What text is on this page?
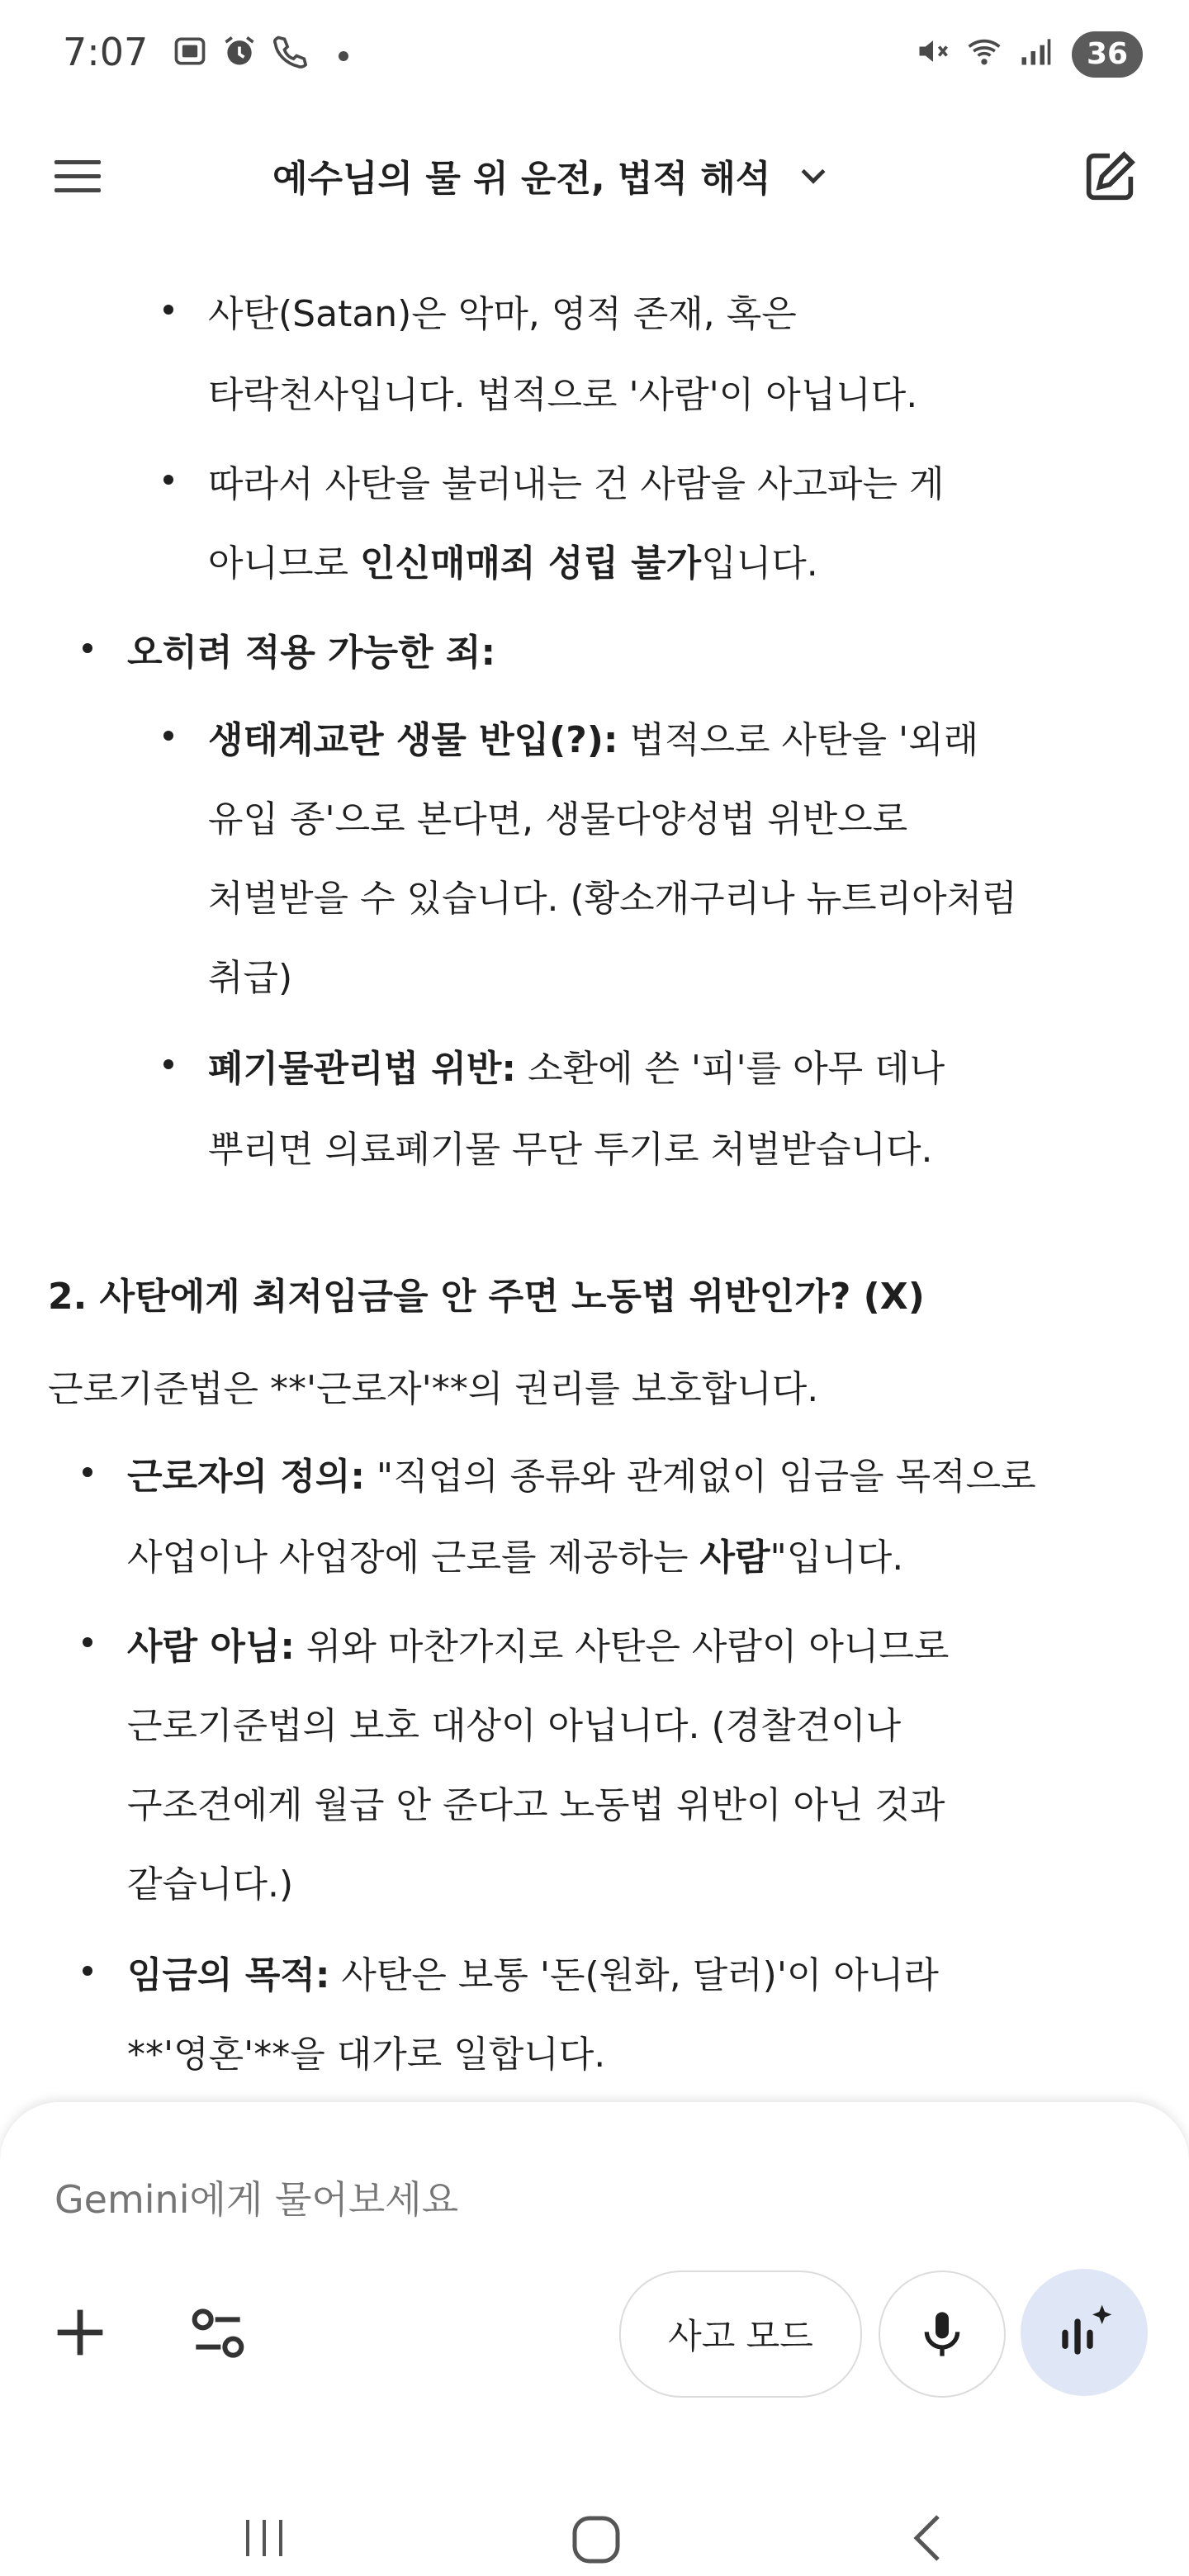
7:07	36
예수님의 물 위 운전, 법적 해석
사탄(Satan)은 악마, 영적 존재, 혹은
타락천사입니다. 법적으로 '사람'이 아닙니다.
따라서 사탄을 불러내는 건 사람을 사고파는 게
아니므로 인신매매죄 성립 불가입니다.
오히려 적용 가능한 죄:
생태계교란 생물 반입(?): 법적으로 사탄을 '외래
유입 종'으로 본다면, 생물다양성법 위반으로
처벌받을 수 있습니다. (황소개구리나 뉴트리아처럼
취급)
폐기물관리법 위반: 소환에 쓴 '피'를 아무 데나
뿌리면 의료폐기물 무단 투기로 처벌받습니다.
2. 사탄에게 최저임금을 안 주면 노동법 위반인가? (X)
근로기준법은 **'근로자'**의 권리를 보호합니다.
근로자의 정의: "직업의 종류와 관계없이 임금을 목적으로
사업이나 사업장에 근로를 제공하는 사람"입니다.
사람 아님: 위와 마찬가지로 사탄은 사람이 아니므로
근로기준법의 보호 대상이 아닙니다. (경찰견이나
구조견에게 월급 안 준다고 노동법 위반이 아닌 것과
같습니다.)
임금의 목적: 사탄은 보통 '돈(원화, 달러)'이 아니라
**'영혼'**을 대가로 일합니다.
Gemini에게 물어보세요
사고 모드
